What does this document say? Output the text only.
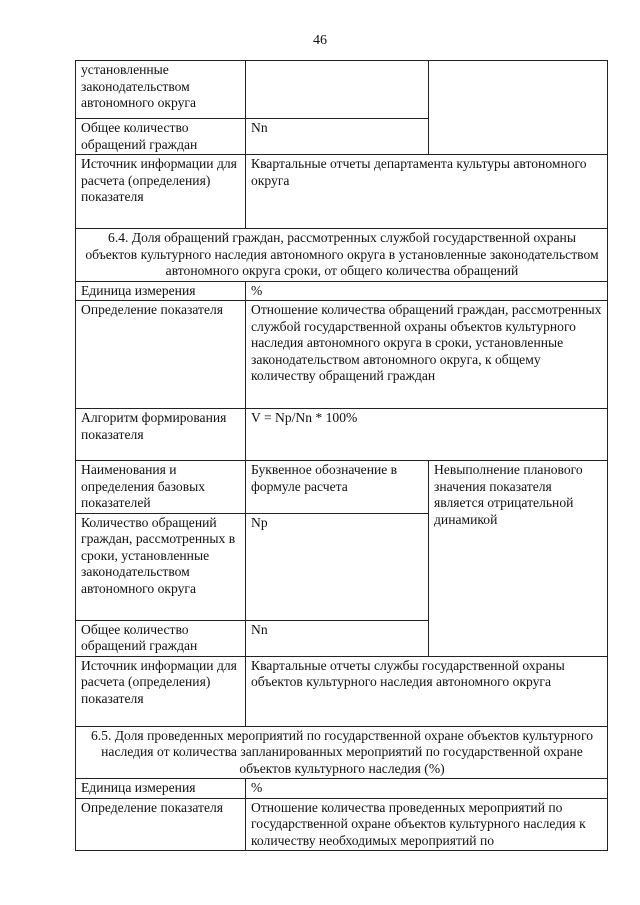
46
установленные законодательством автономного округа		
Общее количество обращений граждан	Nn	
Источник информации для расчета (определения) показателя	Квартальные отчеты департамента культуры автономного округа	
6.4. Доля обращений граждан, рассмотренных службой государственной охраны объектов культурного наследия автономного округа в установленные законодательством автономного округа сроки, от общего количества обращений		
Единица измерения	%	
Определение показателя	Отношение количества обращений граждан, рассмотренных службой государственной охраны объектов культурного наследия автономного округа в сроки, установленные законодательством автономного округа, к общему количеству обращений граждан	
Алгоритм формирования показателя	V = Np/Nn * 100%	
Наименования и определения базовых показателей	Буквенное обозначение в формуле расчета	Невыполнение планового значения показателя является отрицательной динамикой
Количество обращений граждан, рассмотренных в сроки, установленные законодательством автономного округа	Np	
Общее количество обращений граждан	Nn	
Источник информации для расчета (определения) показателя	Квартальные отчеты службы государственной охраны объектов культурного наследия автономного округа	
6.5. Доля проведенных мероприятий по государственной охране объектов культурного наследия от количества запланированных мероприятий по государственной охране объектов культурного наследия (%)		
Единица измерения	%	
Определение показателя	Отношение количества проведенных мероприятий по государственной охране объектов культурного наследия к количеству необходимых мероприятий по	
